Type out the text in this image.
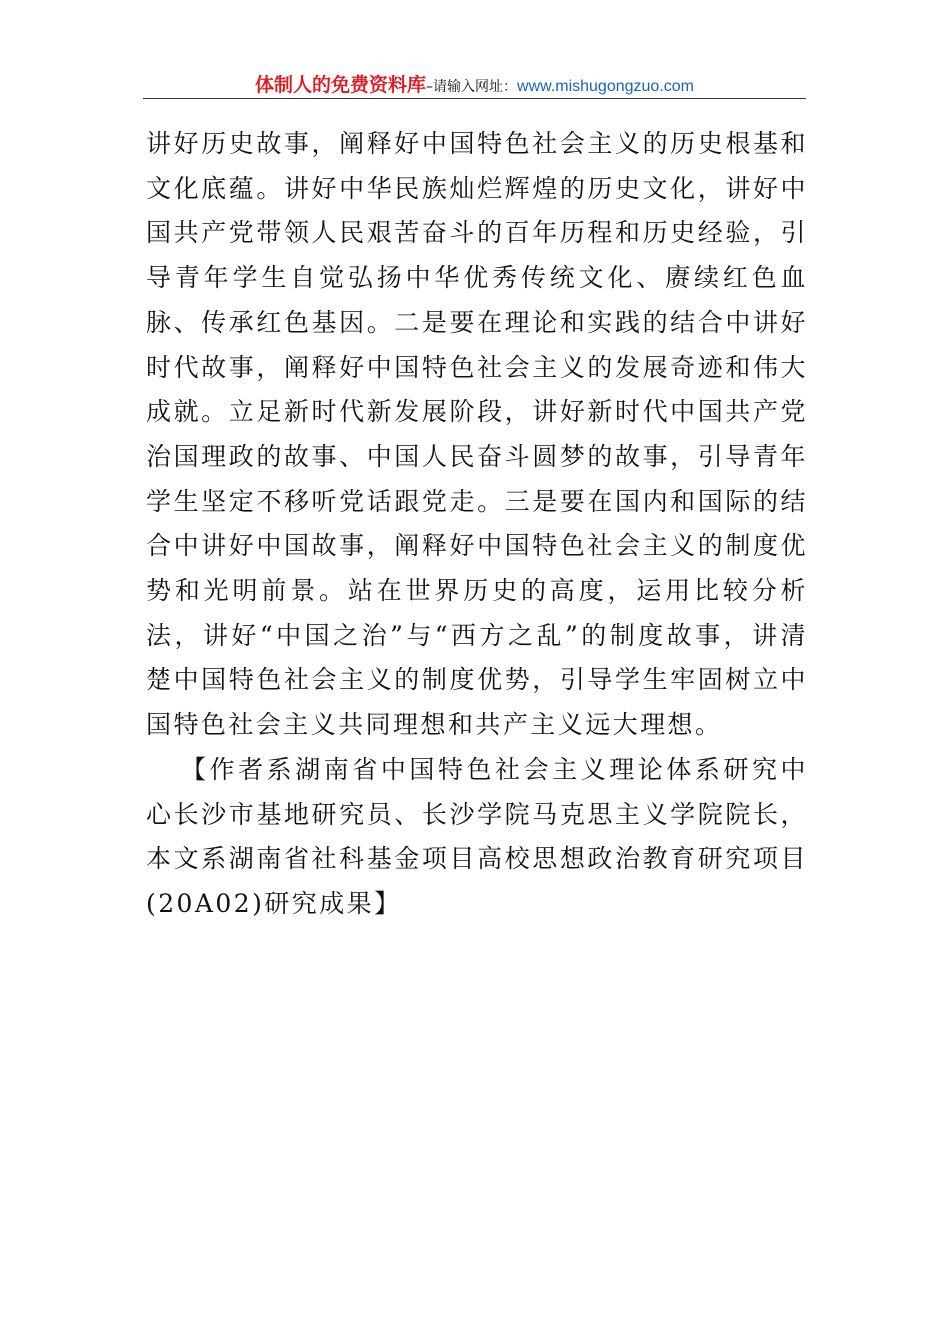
体制人的免费资料库–请输入网址：www.mishugongzuo.com

讲好历史故事，阐释好中国特色社会主义的历史根基和文化底蕴。讲好中华民族灿烂辉煌的历史文化，讲好中国共产党带领人民艰苦奋斗的百年历程和历史经验，引导青年学生自觉弘扬中华优秀传统文化、赓续红色血脉、传承红色基因。二是要在理论和实践的结合中讲好时代故事，阐释好中国特色社会主义的发展奇迹和伟大成就。立足新时代新发展阶段，讲好新时代中国共产党治国理政的故事、中国人民奋斗圆梦的故事，引导青年学生坚定不移听党话跟党走。三是要在国内和国际的结合中讲好中国故事，阐释好中国特色社会主义的制度优势和光明前景。站在世界历史的高度，运用比较分析法，讲好“中国之治”与“西方之乱”的制度故事，讲清楚中国特色社会主义的制度优势，引导学生牢固树立中国特色社会主义共同理想和共产主义远大理想。

【作者系湖南省中国特色社会主义理论体系研究中心长沙市基地研究员、长沙学院马克思主义学院院长，本文系湖南省社科基金项目高校思想政治教育研究项目(20A02)研究成果】
